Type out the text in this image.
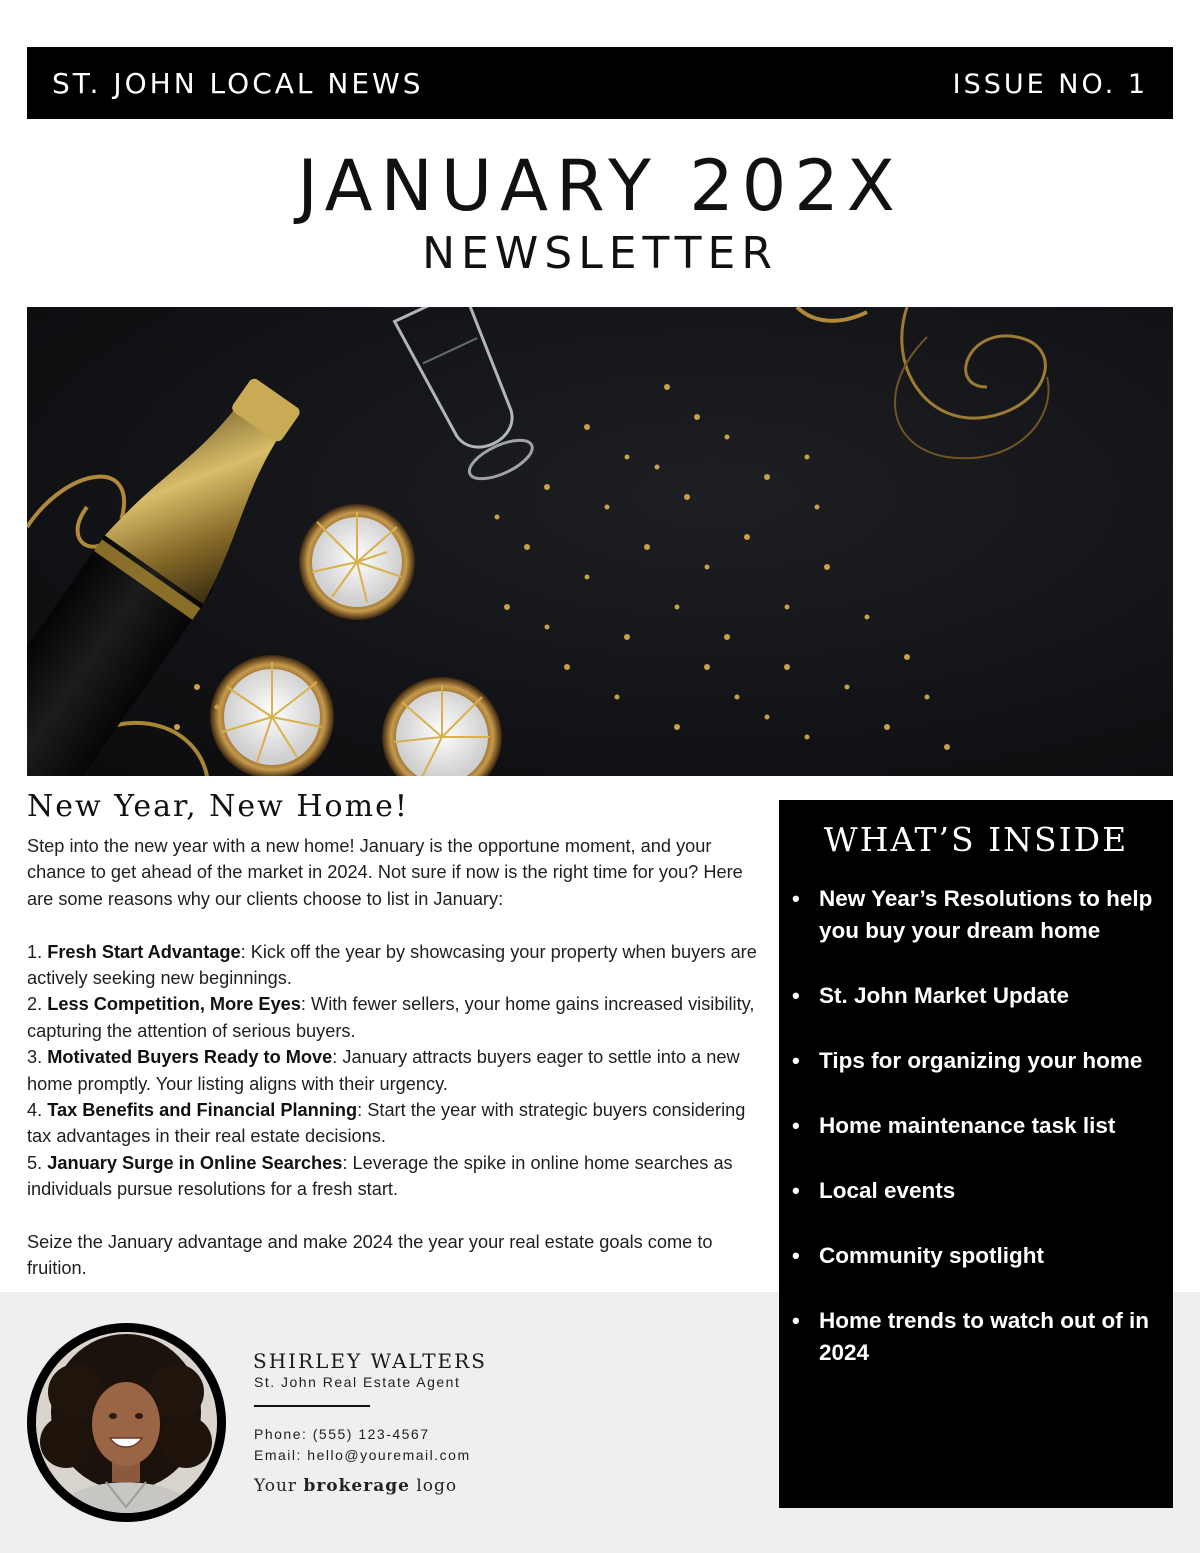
ST. JOHN LOCAL NEWS	ISSUE NO. 1
JANUARY 202X
NEWSLETTER
New Year, New Home!

Step into the new year with a new home! January is the opportune moment, and your chance to get ahead of the market in 2024. Not sure if now is the right time for you? Here are some reasons why our clients choose to list in January:

1. Fresh Start Advantage: Kick off the year by showcasing your property when buyers are actively seeking new beginnings.

2. Less Competition, More Eyes: With fewer sellers, your home gains increased visibility, capturing the attention of serious buyers.

3. Motivated Buyers Ready to Move: January attracts buyers eager to settle into a new home promptly. Your listing aligns with their urgency.

4. Tax Benefits and Financial Planning: Start the year with strategic buyers considering tax advantages in their real estate decisions.

5. January Surge in Online Searches: Leverage the spike in online home searches as individuals pursue resolutions for a fresh start.

Seize the January advantage and make 2024 the year your real estate goals come to fruition.

SHIRLEY WALTERS
St. John Real Estate Agent
Phone: (555) 123-4567
Email: hello@youremail.com
Your brokerage logo
WHAT’S INSIDE
• New Year’s Resolutions to help you buy your dream home
• St. John Market Update
• Tips for organizing your home
• Home maintenance task list
• Local events
• Community spotlight
• Home trends to watch out of in 2024
